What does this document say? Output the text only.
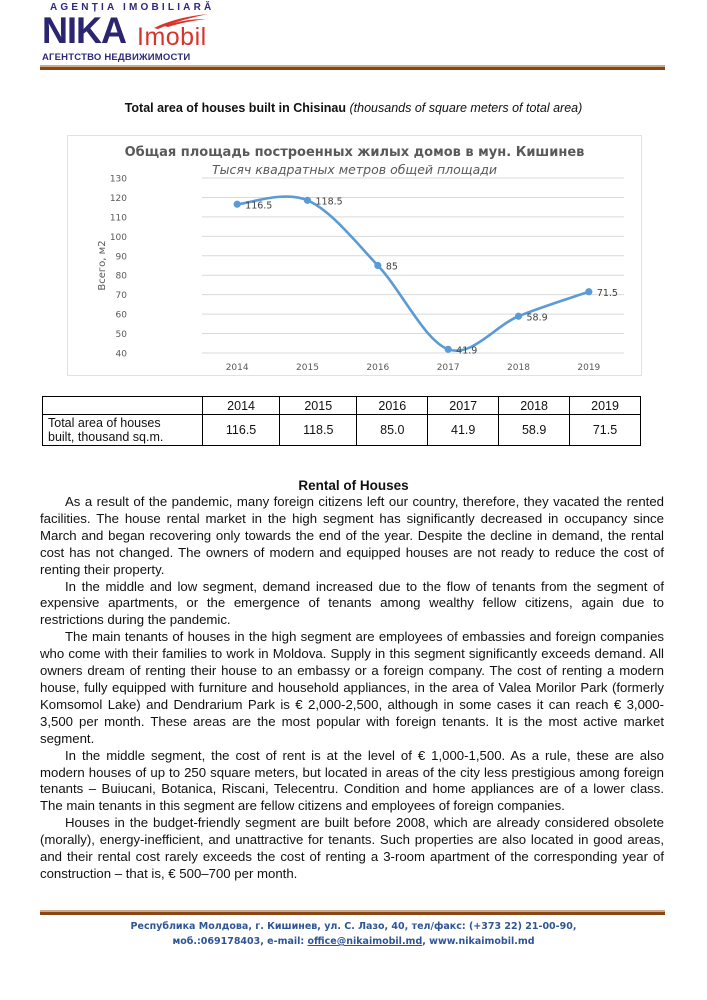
AGENȚIA IMOBILIARĂ
NIKA Imobil
АГЕНТСТВО НЕДВИЖИМОСТИ
Total area of houses built in Chisinau (thousands of square meters of total area)
Общая площадь построенных жилых домов в мун. Кишинев
Тысяч квадратных метров общей площади
130
120
110
100
90
80
70
60
50
40
2014	2015	2016	2017	2018	2019
Всего, м2
116.5	118.5
85
41.9
58.9
71.5
	2014	2015	2016	2017	2018	2019
Total area of houses
built, thousand sq.m.	116.5	118.5	85.0	41.9	58.9	71.5
Rental of Houses

As a result of the pandemic, many foreign citizens left our country, therefore, they vacated the rented facilities. The house rental market in the high segment has significantly decreased in occupancy since March and began recovering only towards the end of the year. Despite the decline in demand, the rental cost has not changed. The owners of modern and equipped houses are not ready to reduce the cost of renting their property.

In the middle and low segment, demand increased due to the flow of tenants from the segment of expensive apartments, or the emergence of tenants among wealthy fellow citizens, again due to restrictions during the pandemic.

The main tenants of houses in the high segment are employees of embassies and foreign companies who come with their families to work in Moldova. Supply in this segment significantly exceeds demand. All owners dream of renting their house to an embassy or a foreign company. The cost of renting a modern house, fully equipped with furniture and household appliances, in the area of Valea Morilor Park (formerly Komsomol Lake) and Dendrarium Park is € 2,000-2,500, although in some cases it can reach € 3,000-3,500 per month. These areas are the most popular with foreign tenants. It is the most active market segment.

In the middle segment, the cost of rent is at the level of € 1,000-1,500. As a rule, these are also modern houses of up to 250 square meters, but located in areas of the city less prestigious among foreign tenants – Buiucani, Botanica, Riscani, Telecentru. Condition and home appliances are of a lower class. The main tenants in this segment are fellow citizens and employees of foreign companies.

Houses in the budget-friendly segment are built before 2008, which are already considered obsolete (morally), energy-inefficient, and unattractive for tenants. Such properties are also located in good areas, and their rental cost rarely exceeds the cost of renting a 3-room apartment of the corresponding year of construction – that is, € 500–700 per month.

Республика Молдова, г. Кишинев, ул. С. Лазо, 40, тел/факс: (+373 22) 21-00-90,
моб.:069178403, e-mail: office@nikaimobil.md, www.nikaimobil.md
